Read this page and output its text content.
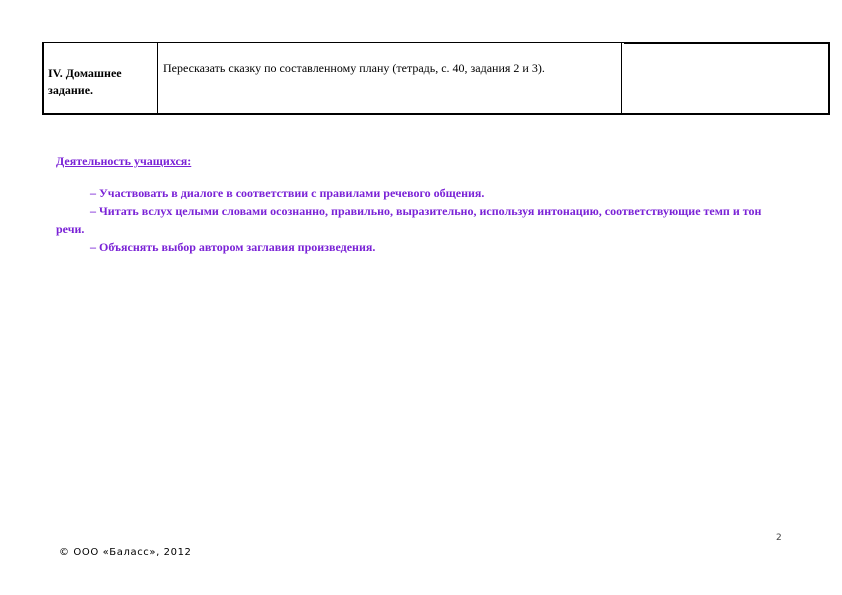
IV. Домашнее задание.
Пересказать сказку по составленному плану (тетрадь, с. 40, задания 2 и 3).
Деятельность учащихся:
– Участвовать в диалоге в соответствии с правилами речевого общения.
– Читать вслух целыми словами осознанно, правильно, выразительно, используя интонацию, соответствующие темп и тон речи.
– Объяснять выбор автором заглавия произведения.
2
© ООО «Баласс», 2012
